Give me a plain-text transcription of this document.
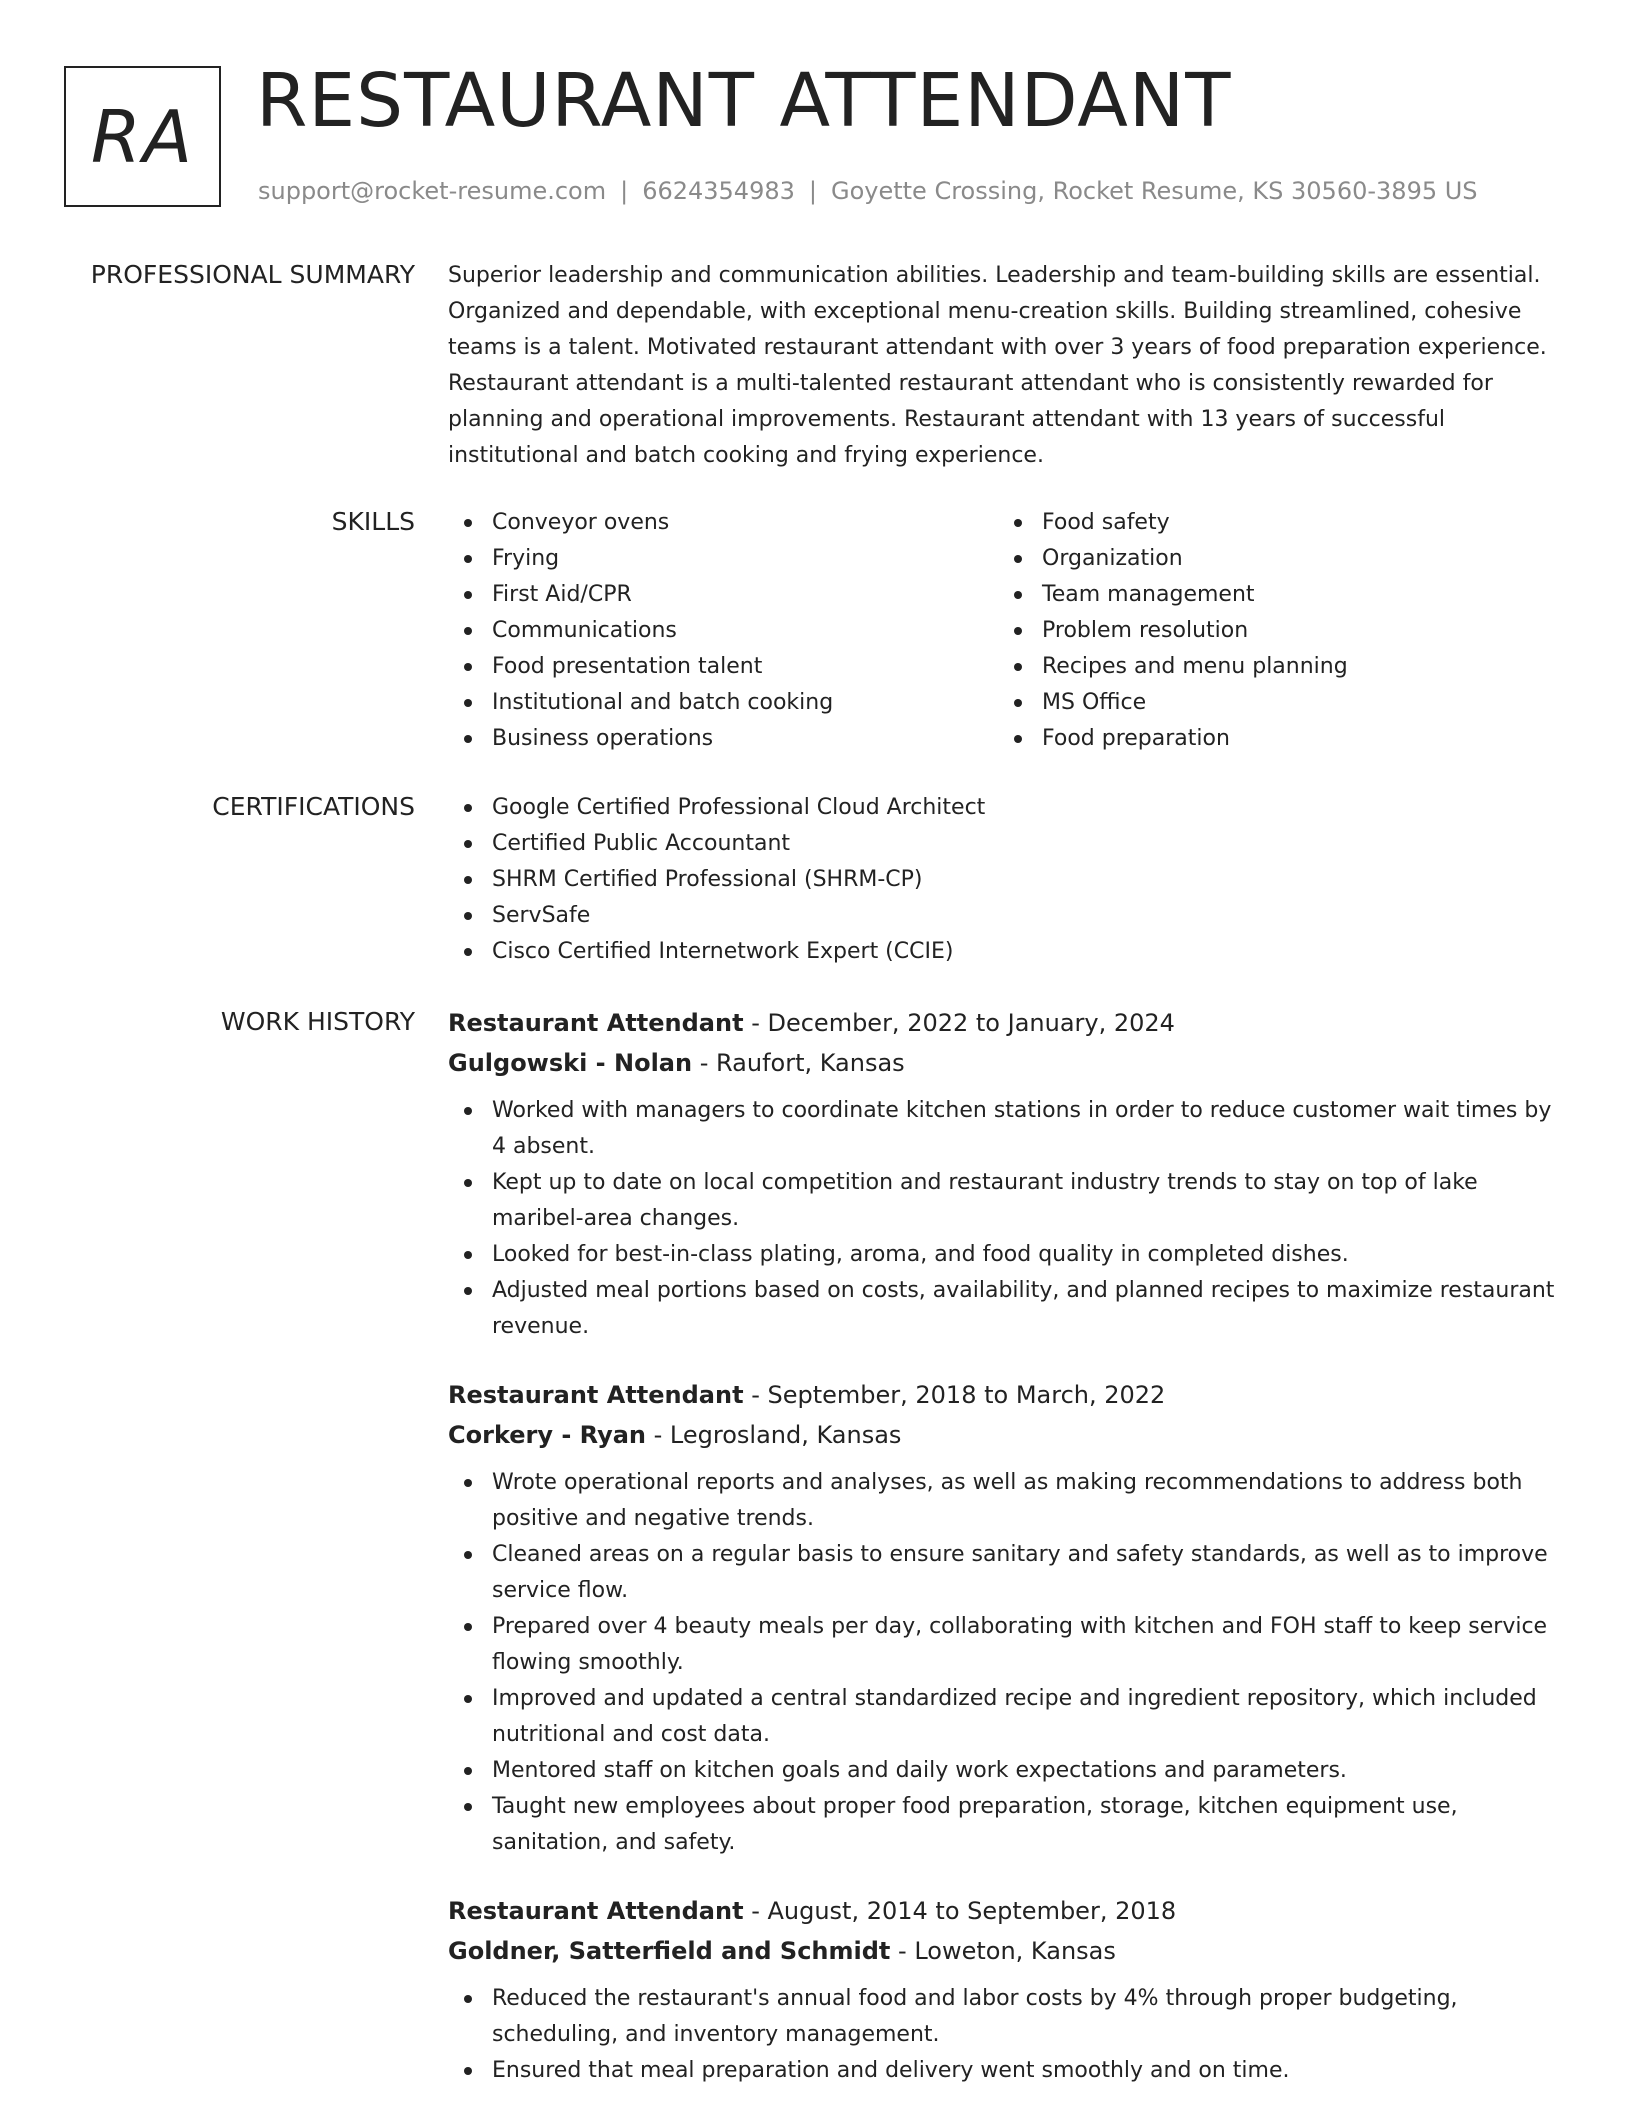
RA RESTAURANT ATTENDANT
support@rocket-resume.com | 6624354983 | Goyette Crossing, Rocket Resume, KS 30560-3895 US
PROFESSIONAL SUMMARY Superior leadership and communication abilities. Leadership and team-building skills are essential. Organized and dependable, with exceptional menu-creation skills. Building streamlined, cohesive teams is a talent. Motivated restaurant attendant with over 3 years of food preparation experience. Restaurant attendant is a multi-talented restaurant attendant who is consistently rewarded for planning and operational improvements. Restaurant attendant with 13 years of successful institutional and batch cooking and frying experience.

SKILLS	Conveyor ovens
Frying
First Aid/CPR
Communications
Food presentation talent
Institutional and batch cooking
Business operations
Food safety
Organization
Team management
Problem resolution
Recipes and menu planning
MS Office
Food preparation
CERTIFICATIONS	Google Certified Professional Cloud Architect
Certified Public Accountant
SHRM Certified Professional (SHRM-CP)
ServSafe
Cisco Certified Internetwork Expert (CCIE)
WORK HISTORY Restaurant Attendant - December, 2022 to January, 2024
Gulgowski - Nolan - Raufort, Kansas
Worked with managers to coordinate kitchen stations in order to reduce customer wait times by 4 absent.
Kept up to date on local competition and restaurant industry trends to stay on top of lake maribel-area changes.
Looked for best-in-class plating, aroma, and food quality in completed dishes.
Adjusted meal portions based on costs, availability, and planned recipes to maximize restaurant revenue.
Restaurant Attendant - September, 2018 to March, 2022
Corkery - Ryan - Legrosland, Kansas
Wrote operational reports and analyses, as well as making recommendations to address both positive and negative trends.
Cleaned areas on a regular basis to ensure sanitary and safety standards, as well as to improve service flow.
Prepared over 4 beauty meals per day, collaborating with kitchen and FOH staff to keep service flowing smoothly.
Improved and updated a central standardized recipe and ingredient repository, which included nutritional and cost data.
Mentored staff on kitchen goals and daily work expectations and parameters.
Taught new employees about proper food preparation, storage, kitchen equipment use, sanitation, and safety.
Restaurant Attendant - August, 2014 to September, 2018
Goldner, Satterfield and Schmidt - Loweton, Kansas
Reduced the restaurant's annual food and labor costs by 4% through proper budgeting, scheduling, and inventory management.
Ensured that meal preparation and delivery went smoothly and on time.
